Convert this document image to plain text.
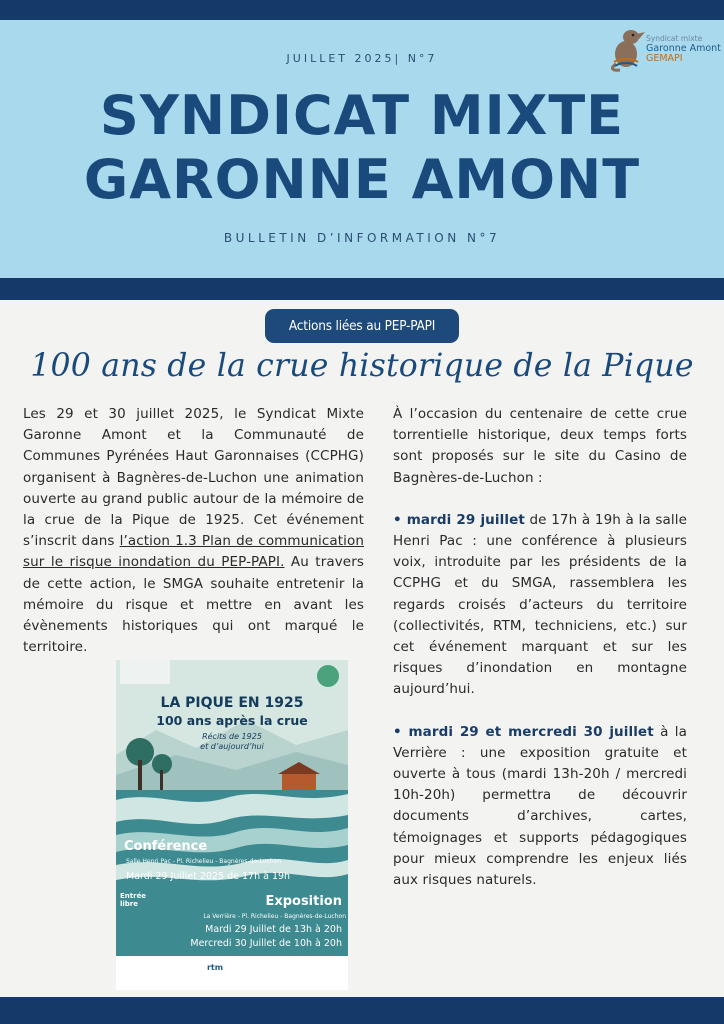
JUILLET 2025| N°7
SYNDICAT MIXTE
GARONNE AMONT
BULLETIN D’INFORMATION N°7
Syndicat mixte
Garonne Amont
GEMAPI
Actions liées au PEP-PAPI
100 ans de la crue historique de la Pique

Les 29 et 30 juillet 2025, le Syndicat Mixte Garonne Amont et la Communauté de Communes Pyrénées Haut Garonnaises (CCPHG) organisent à Bagnères-de-Luchon une animation ouverte au grand public autour de la mémoire de la crue de la Pique de 1925. Cet événement s’inscrit dans l’action 1.3 Plan de communication sur le risque inondation du PEP-PAPI. Au travers de cette action, le SMGA souhaite entretenir la mémoire du risque et mettre en avant les évènements historiques qui ont marqué le territoire.

À l’occasion du centenaire de cette crue torrentielle historique, deux temps forts sont proposés sur le site du Casino de Bagnères-de-Luchon :

• mardi 29 juillet de 17h à 19h à la salle Henri Pac : une conférence à plusieurs voix, introduite par les présidents de la CCPHG et du SMGA, rassemblera les regards croisés d’acteurs du territoire (collectivités, RTM, techniciens, etc.) sur cet événement marquant et sur les risques d’inondation en montagne aujourd’hui.

• mardi 29 et mercredi 30 juillet à la Verrière : une exposition gratuite et ouverte à tous (mardi 13h-20h / mercredi 10h-20h) permettra de découvrir documents d’archives, cartes, témoignages et supports pédagogiques pour mieux comprendre les enjeux liés aux risques naturels.

LA PIQUE EN 1925
100 ans après la crue
Récits de 1925
et d’aujourd’hui
Conférence
Salle Henri Pac - Pl. Richelieu - Bagnères-de-Luchon
Mardi 29 Juillet 2025 de 17h à 19h
Entrée libre	Exposition
La Verrière - Pl. Richelieu - Bagnères-de-Luchon
Mardi 29 Juillet de 13h à 20h
Mercredi 30 Juillet de 10h à 20h
rtm
